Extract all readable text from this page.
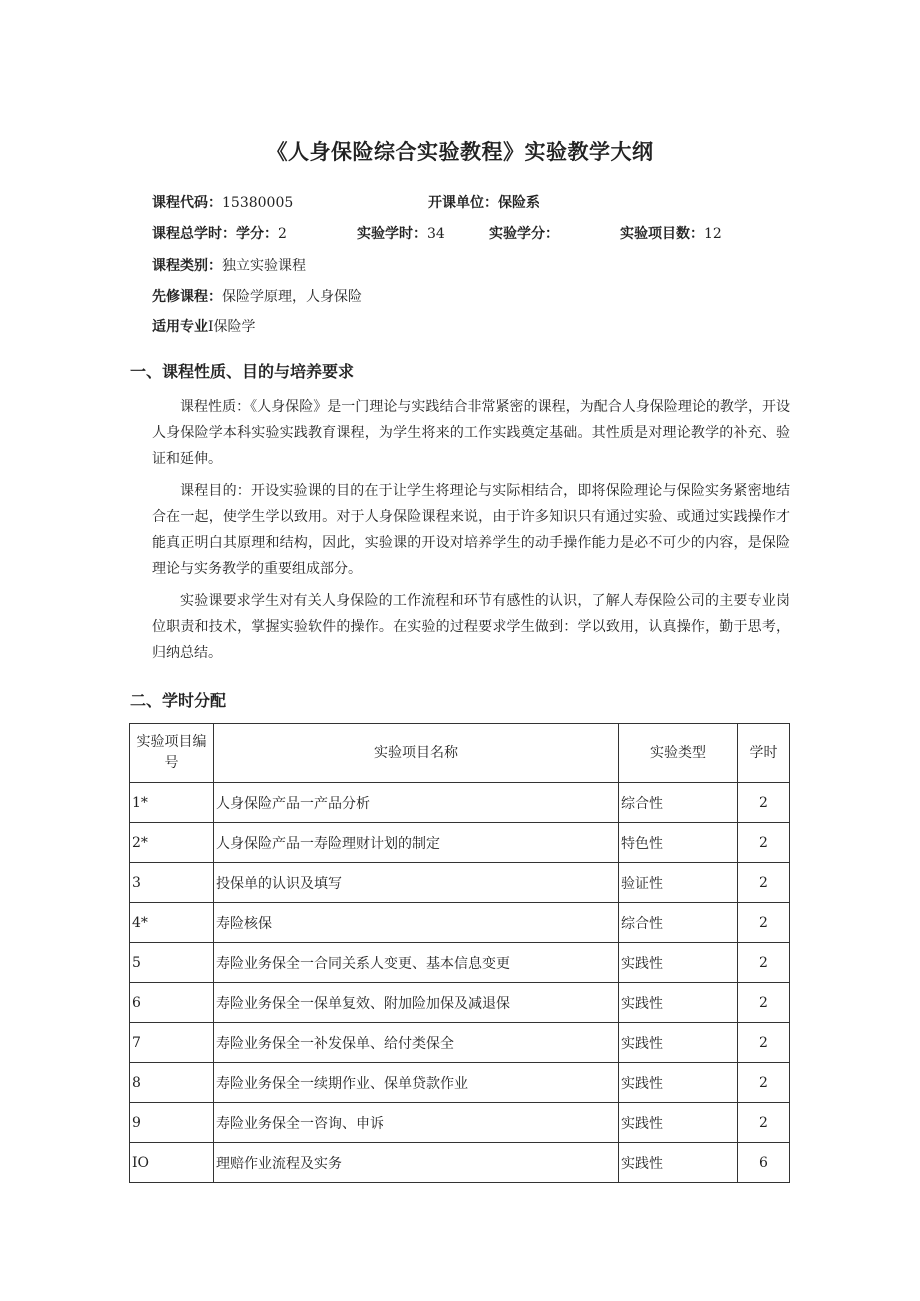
《人身保险综合实验教程》实验教学大纲
课程代码：15380005	开课单位：保险系
课程总学时：学分：2	实验学时：34	实验学分：	实验项目数：12
课程类别：独立实验课程
先修课程：保险学原理，人身保险
适用专业I保险学
一、课程性质、目的与培养要求

课程性质：《人身保险》是一门理论与实践结合非常紧密的课程，为配合人身保险理论的教学，开设人身保险学本科实验实践教育课程，为学生将来的工作实践奠定基础。其性质是对理论教学的补充、验证和延伸。

课程目的：开设实验课的目的在于让学生将理论与实际相结合，即将保险理论与保险实务紧密地结合在一起，使学生学以致用。对于人身保险课程来说，由于许多知识只有通过实验、或通过实践操作才能真正明白其原理和结构，因此，实验课的开设对培养学生的动手操作能力是必不可少的内容，是保险理论与实务教学的重要组成部分。

实验课要求学生对有关人身保险的工作流程和环节有感性的认识，了解人寿保险公司的主要专业岗位职责和技术，掌握实验软件的操作。在实验的过程要求学生做到：学以致用，认真操作，勤于思考，归纳总结。

二、学时分配
实验项目编号	实验项目名称	实验类型	学时
1*	人身保险产品一产品分析	综合性	2
2*	人身保险产品一寿险理财计划的制定	特色性	2
3	投保单的认识及填写	验证性	2
4*	寿险核保	综合性	2
5	寿险业务保全一合同关系人变更、基本信息变更	实践性	2
6	寿险业务保全一保单复效、附加险加保及减退保	实践性	2
7	寿险业务保全一补发保单、给付类保全	实践性	2
8	寿险业务保全一续期作业、保单贷款作业	实践性	2
9	寿险业务保全一咨询、申诉	实践性	2
IO	理赔作业流程及实务	实践性	6
